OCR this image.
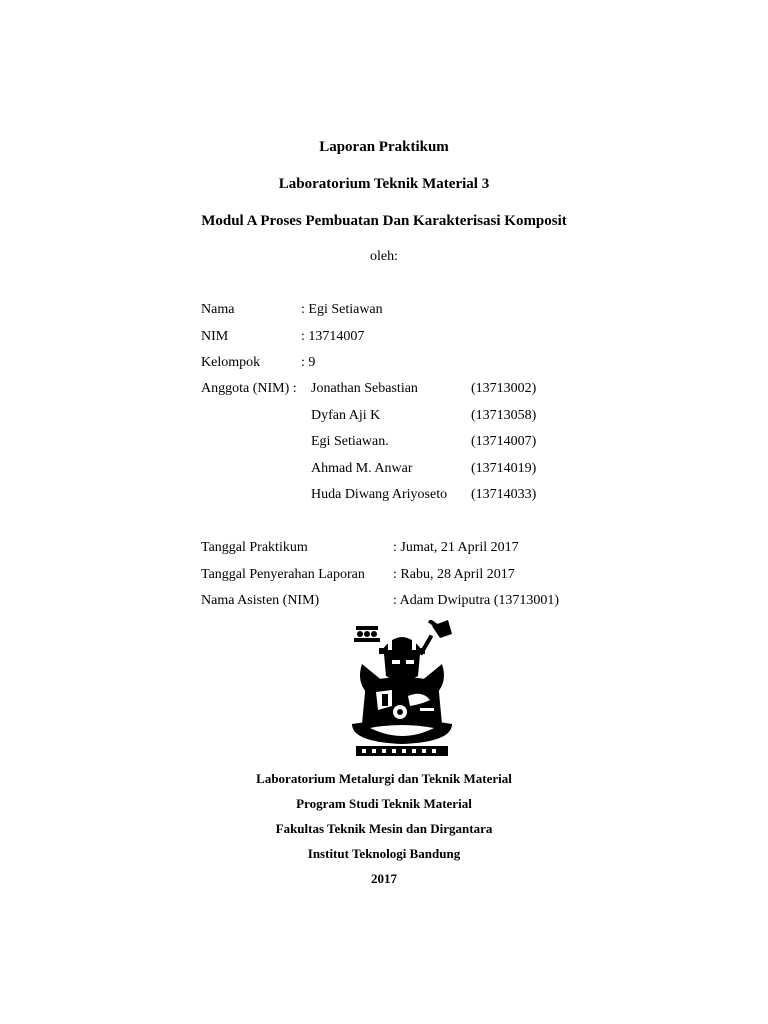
Laporan Praktikum
Laboratorium Teknik Material 3
Modul A Proses Pembuatan Dan Karakterisasi Komposit
oleh:
Nama	: Egi Setiawan
NIM	: 13714007
Kelompok	: 9
Anggota (NIM) : Jonathan Sebastian	(13713002)
Dyfan Aji K	(13713058)
Egi Setiawan.	(13714007)
Ahmad M. Anwar	(13714019)
Huda Diwang Ariyoseto (13714033)
Tanggal Praktikum	: Jumat, 21 April 2017
Tanggal Penyerahan Laporan : Rabu, 28 April 2017
Nama Asisten (NIM)	: Adam Dwiputra (13713001)
Laboratorium Metalurgi dan Teknik Material
Program Studi Teknik Material
Fakultas Teknik Mesin dan Dirgantara
Institut Teknologi Bandung
2017
